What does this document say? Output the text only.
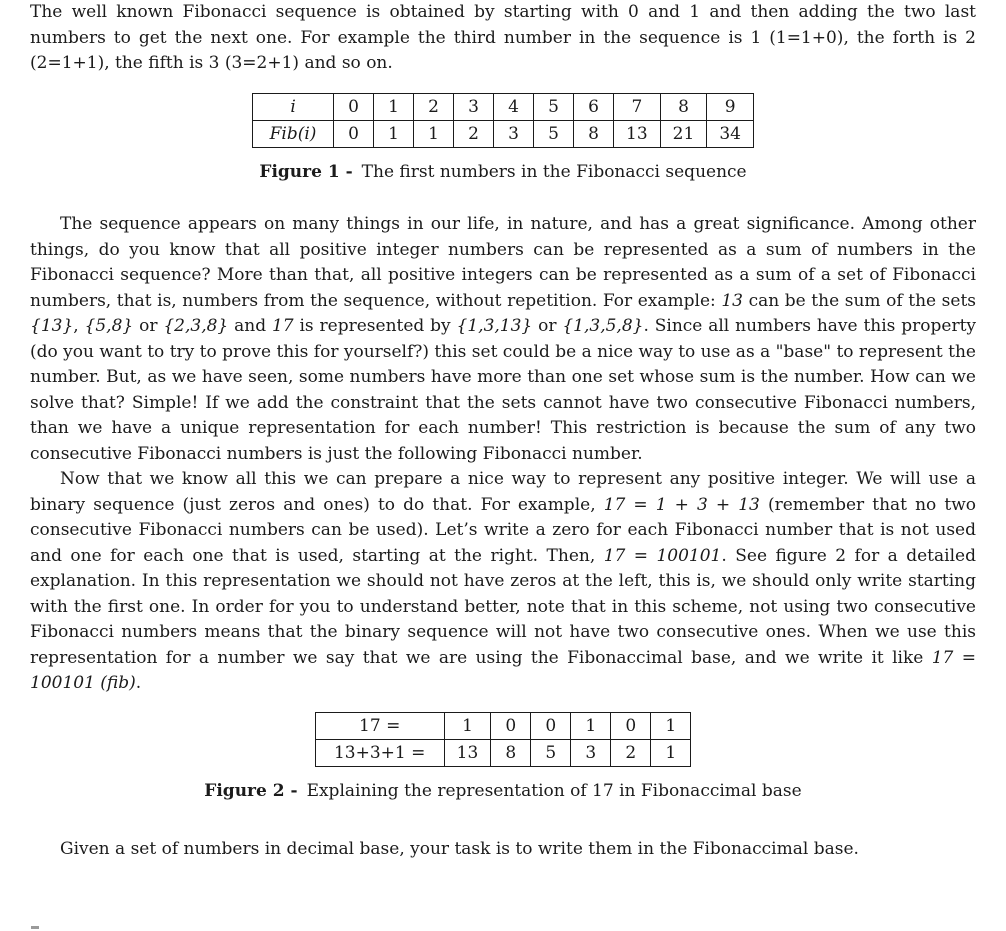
The well known Fibonacci sequence is obtained by starting with 0 and 1 and then adding the two last numbers to get the next one. For example the third number in the sequence is 1 (1=1+0), the forth is 2 (2=1+1), the fifth is 3 (3=2+1) and so on.

i	0	1	2	3	4	5	6	7	8	9
Fib(i)	0	1	1	2	3	5	8	13	21	34

Figure 1 - The first numbers in the Fibonacci sequence

The sequence appears on many things in our life, in nature, and has a great significance. Among other things, do you know that all positive integer numbers can be represented as a sum of numbers in the Fibonacci sequence? More than that, all positive integers can be represented as a sum of a set of Fibonacci numbers, that is, numbers from the sequence, without repetition. For example: 13 can be the sum of the sets {13}, {5,8} or {2,3,8} and 17 is represented by {1,3,13} or {1,3,5,8}. Since all numbers have this property (do you want to try to prove this for yourself?) this set could be a nice way to use as a "base" to represent the number. But, as we have seen, some numbers have more than one set whose sum is the number. How can we solve that? Simple! If we add the constraint that the sets cannot have two consecutive Fibonacci numbers, than we have a unique representation for each number! This restriction is because the sum of any two consecutive Fibonacci numbers is just the following Fibonacci number.

Now that we know all this we can prepare a nice way to represent any positive integer. We will use a binary sequence (just zeros and ones) to do that. For example, 17 = 1 + 3 + 13 (remember that no two consecutive Fibonacci numbers can be used). Let’s write a zero for each Fibonacci number that is not used and one for each one that is used, starting at the right. Then, 17 = 100101. See figure 2 for a detailed explanation. In this representation we should not have zeros at the left, this is, we should only write starting with the first one. In order for you to understand better, note that in this scheme, not using two consecutive Fibonacci numbers means that the binary sequence will not have two consecutive ones. When we use this representation for a number we say that we are using the Fibonaccimal base, and we write it like 17 = 100101 (fib).

17 =	1	0	0	1	0	1
13+3+1 =	13	8	5	3	2	1

Figure 2 - Explaining the representation of 17 in Fibonaccimal base

Given a set of numbers in decimal base, your task is to write them in the Fibonaccimal base.
